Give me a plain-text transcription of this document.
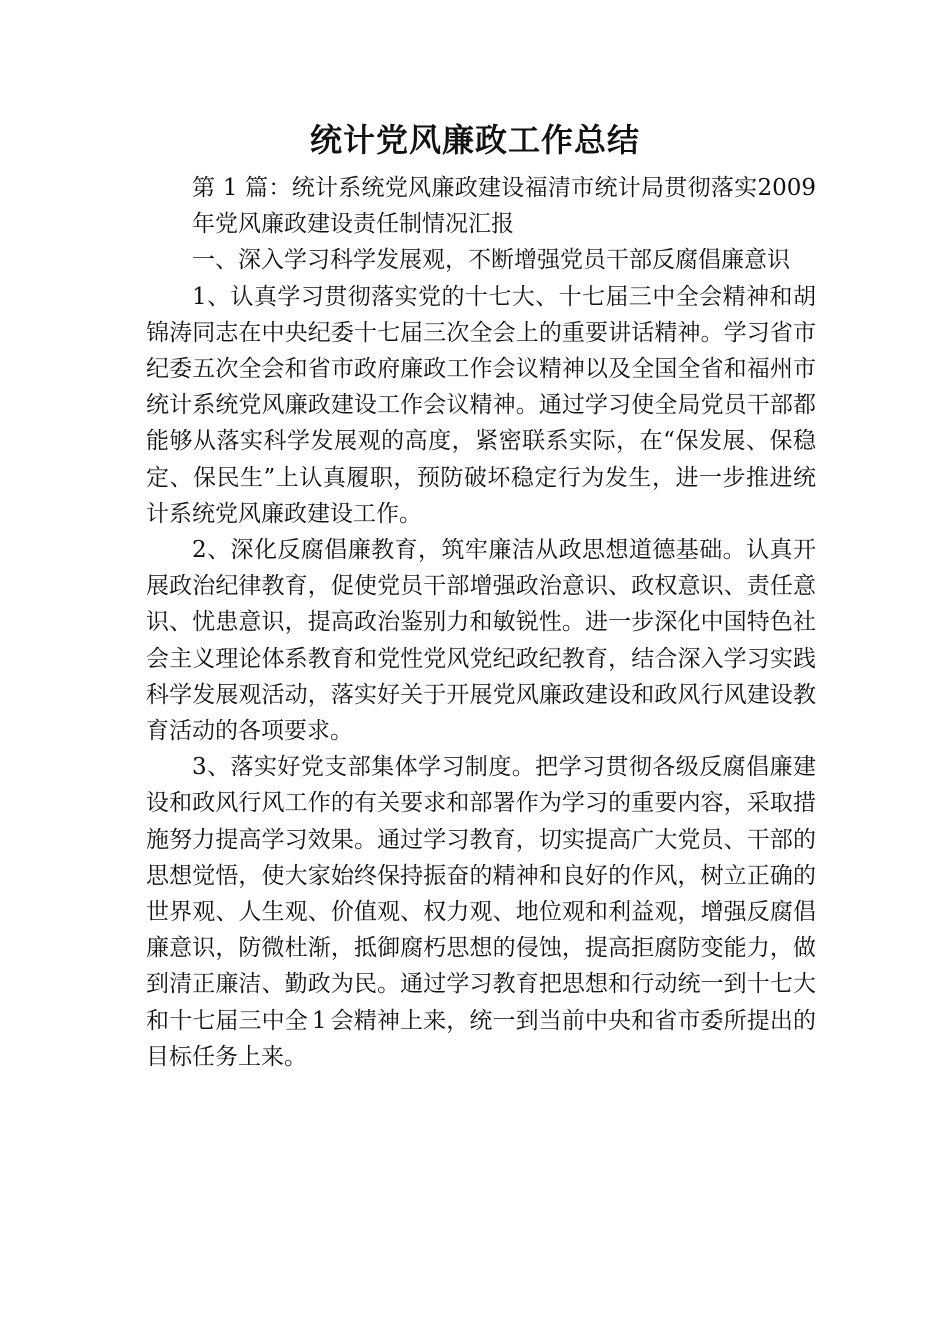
统计党风廉政工作总结

第 1 篇：统计系统党风廉政建设福清市统计局贯彻落实2009 年党风廉政建设责任制情况汇报

一、深入学习科学发展观，不断增强党员干部反腐倡廉意识

1、认真学习贯彻落实党的十七大、十七届三中全会精神和胡锦涛同志在中央纪委十七届三次全会上的重要讲话精神。学习省市纪委五次全会和省市政府廉政工作会议精神以及全国全省和福州市统计系统党风廉政建设工作会议精神。通过学习使全局党员干部都能够从落实科学发展观的高度，紧密联系实际，在“保发展、保稳定、保民生”上认真履职，预防破坏稳定行为发生，进一步推进统计系统党风廉政建设工作。

2、深化反腐倡廉教育，筑牢廉洁从政思想道德基础。认真开展政治纪律教育，促使党员干部增强政治意识、政权意识、责任意识、忧患意识，提高政治鉴别力和敏锐性。进一步深化中国特色社会主义理论体系教育和党性党风党纪政纪教育，结合深入学习实践科学发展观活动，落实好关于开展党风廉政建设和政风行风建设教育活动的各项要求。

3、落实好党支部集体学习制度。把学习贯彻各级反腐倡廉建设和政风行风工作的有关要求和部署作为学习的重要内容，采取措施努力提高学习效果。通过学习教育，切实提高广大党员、干部的思想觉悟，使大家始终保持振奋的精神和良好的作风，树立正确的世界观、人生观、价值观、权力观、地位观和利益观，增强反腐倡廉意识，防微杜渐，抵御腐朽思想的侵蚀，提高拒腐防变能力，做到清正廉洁、勤政为民。通过学习教育把思想和行动统一到十七大和十七届三中全 1 会精神上来，统一到当前中央和省市委所提出的目标任务上来。
